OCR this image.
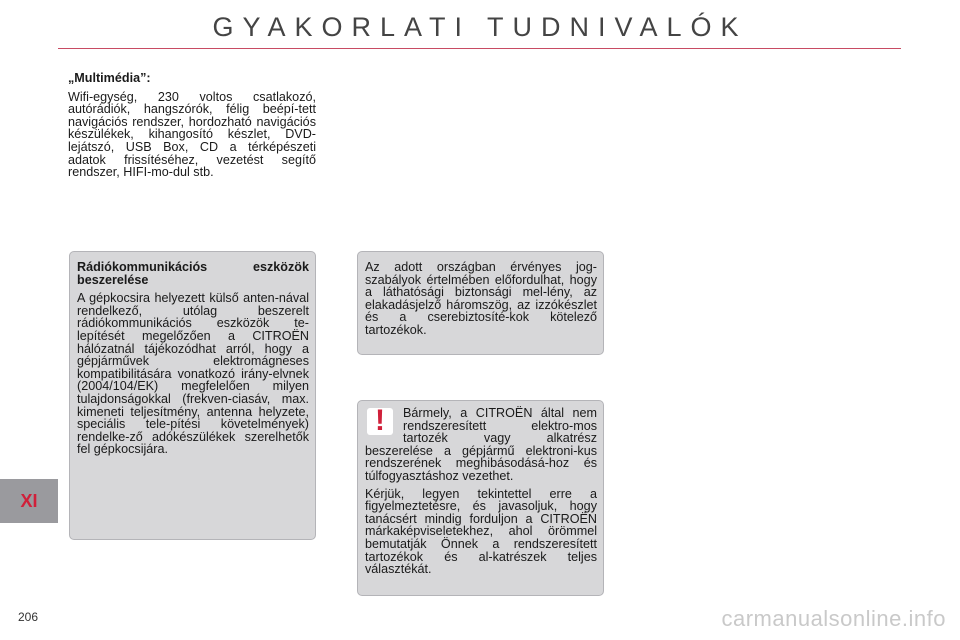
GYAKORLATI TUDNIVALÓK
„Multimédia”:

Wifi-egység, 230 voltos csatlakozó, autórádiók, hangszórók, félig beépí-tett navigációs rendszer, hordozható navigációs készülékek, kihangosító készlet, DVD-lejátszó, USB Box, CD a térképészeti adatok frissítéséhez, vezetést segítő rendszer, HIFI-mo-dul stb.

Rádiókommunikációs eszközök beszerelése

A gépkocsira helyezett külső anten-nával rendelkező, utólag beszerelt rádiókommunikációs eszközök te-lepítését megelőzően a CITROËN hálózatnál tájékozódhat arról, hogy a gépjárművek elektromágneses kompatibilitására vonatkozó irány-elvnek (2004/104/EK) megfelelően milyen tulajdonságokkal (frekven-ciasáv, max. kimeneti teljesítmény, antenna helyzete, speciális tele-pítési követelmények) rendelke-ző adókészülékek szerelhetők fel gépkocsijára.

Az adott országban érvényes jog-szabályok értelmében előfordulhat, hogy a láthatósági biztonsági mel-lény, az elakadásjelző háromszög, az izzókészlet és a cserebiztosíté-kok kötelező tartozékok.

!	Bármely, a CITROËN által nem rendszeresített elektro-mos tartozék vagy alkatrész beszerelése a gépjármű elektroni-kus rendszerének meghibásodásá-hoz és túlfogyasztáshoz vezethet.

Kérjük, legyen tekintettel erre a figyelmeztetésre, és javasoljuk, hogy tanácsért mindig forduljon a CITROËN márkaképviseletekhez, ahol örömmel bemutatják Önnek a rendszeresített tartozékok és al-katrészek teljes választékát.

XI
206	carmanualsonline.info
